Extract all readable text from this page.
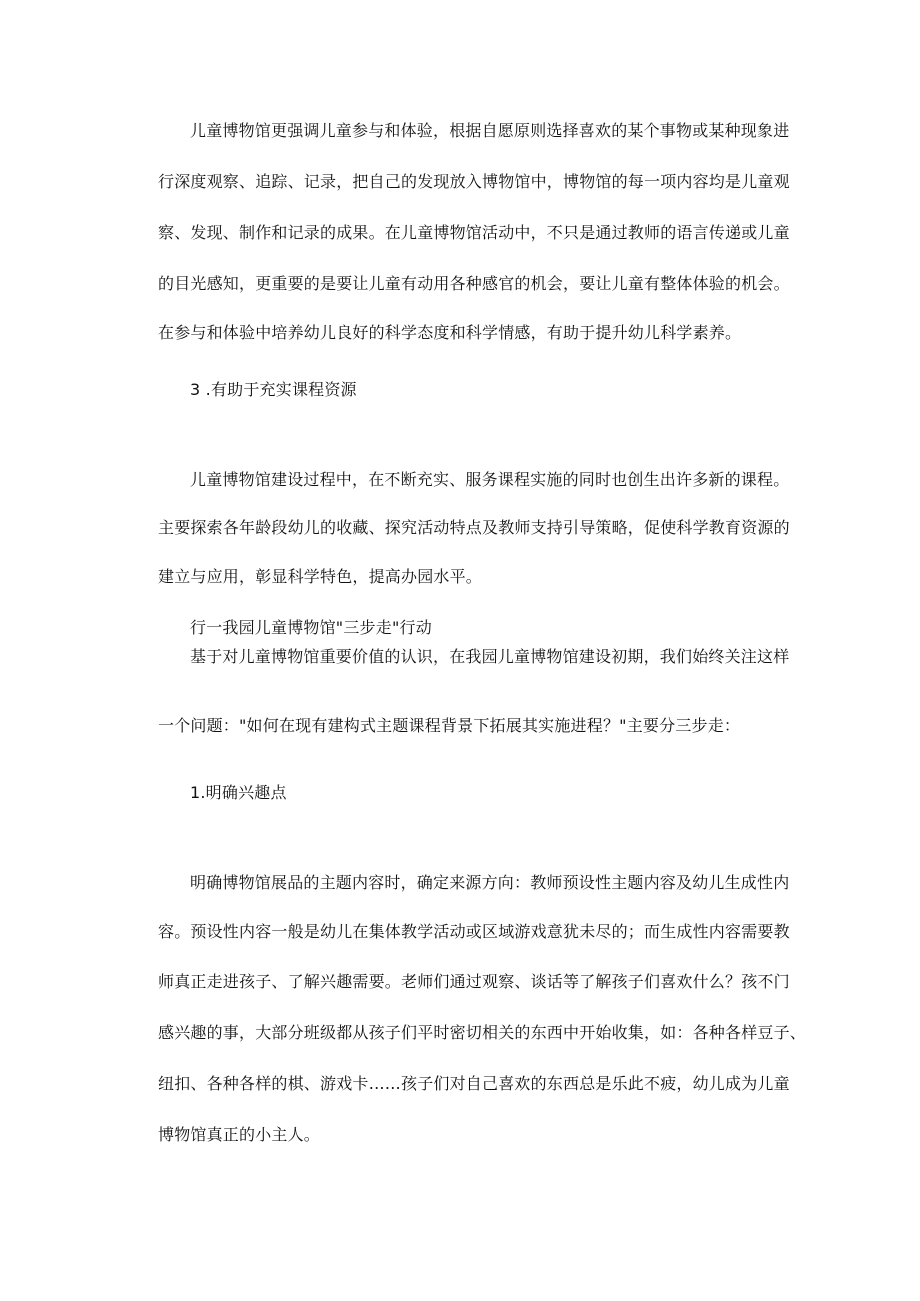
儿童博物馆更强调儿童参与和体验，根据自愿原则选择喜欢的某个事物或某种现象进
行深度观察、追踪、记录，把自己的发现放入博物馆中，博物馆的每一项内容均是儿童观
察、发现、制作和记录的成果。在儿童博物馆活动中，不只是通过教师的语言传递或儿童
的目光感知，更重要的是要让儿童有动用各种感官的机会，要让儿童有整体体验的机会。
在参与和体验中培养幼儿良好的科学态度和科学情感，有助于提升幼儿科学素养。
3 .有助于充实课程资源
儿童博物馆建设过程中，在不断充实、服务课程实施的同时也创生出许多新的课程。
主要探索各年龄段幼儿的收藏、探究活动特点及教师支持引导策略，促使科学教育资源的
建立与应用，彰显科学特色，提高办园水平。
行一我园儿童博物馆"三步走"行动
基于对儿童博物馆重要价值的认识，在我园儿童博物馆建设初期，我们始终关注这样
一个问题："如何在现有建构式主题课程背景下拓展其实施进程？"主要分三步走：
1.明确兴趣点
明确博物馆展品的主题内容时，确定来源方向：教师预设性主题内容及幼儿生成性内
容。预设性内容一般是幼儿在集体教学活动或区域游戏意犹未尽的；而生成性内容需要教
师真正走进孩子、了解兴趣需要。老师们通过观察、谈话等了解孩子们喜欢什么？孩不门
感兴趣的事，大部分班级都从孩子们平时密切相关的东西中开始收集，如：各种各样豆子、
纽扣、各种各样的棋、游戏卡……孩子们对自己喜欢的东西总是乐此不疲，幼儿成为儿童
博物馆真正的小主人。
